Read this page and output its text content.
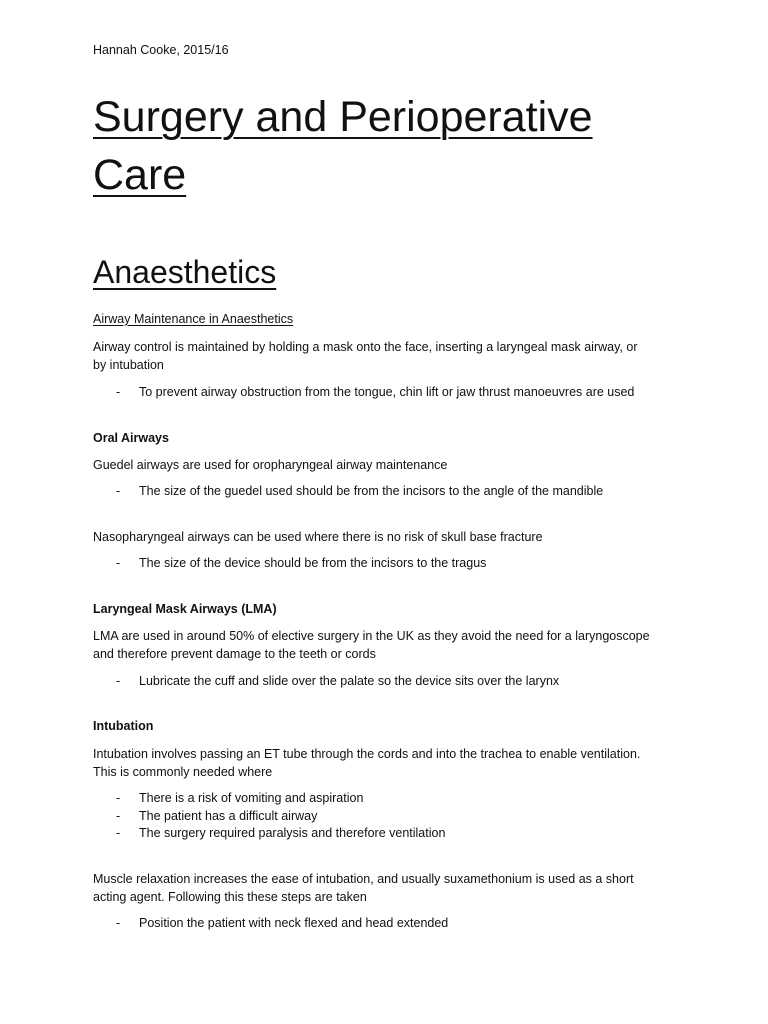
Hannah Cooke, 2015/16
Surgery and Perioperative
Care
Anaesthetics
Airway Maintenance in Anaesthetics
Airway control is maintained by holding a mask onto the face, inserting a laryngeal mask airway, or
by intubation
- To prevent airway obstruction from the tongue, chin lift or jaw thrust manoeuvres are used
Oral Airways
Guedel airways are used for oropharyngeal airway maintenance
- The size of the guedel used should be from the incisors to the angle of the mandible
Nasopharyngeal airways can be used where there is no risk of skull base fracture
- The size of the device should be from the incisors to the tragus
Laryngeal Mask Airways (LMA)
LMA are used in around 50% of elective surgery in the UK as they avoid the need for a laryngoscope
and therefore prevent damage to the teeth or cords
- Lubricate the cuff and slide over the palate so the device sits over the larynx
Intubation
Intubation involves passing an ET tube through the cords and into the trachea to enable ventilation.
This is commonly needed where
- There is a risk of vomiting and aspiration
- The patient has a difficult airway
- The surgery required paralysis and therefore ventilation
Muscle relaxation increases the ease of intubation, and usually suxamethonium is used as a short
acting agent. Following this these steps are taken
- Position the patient with neck flexed and head extended
